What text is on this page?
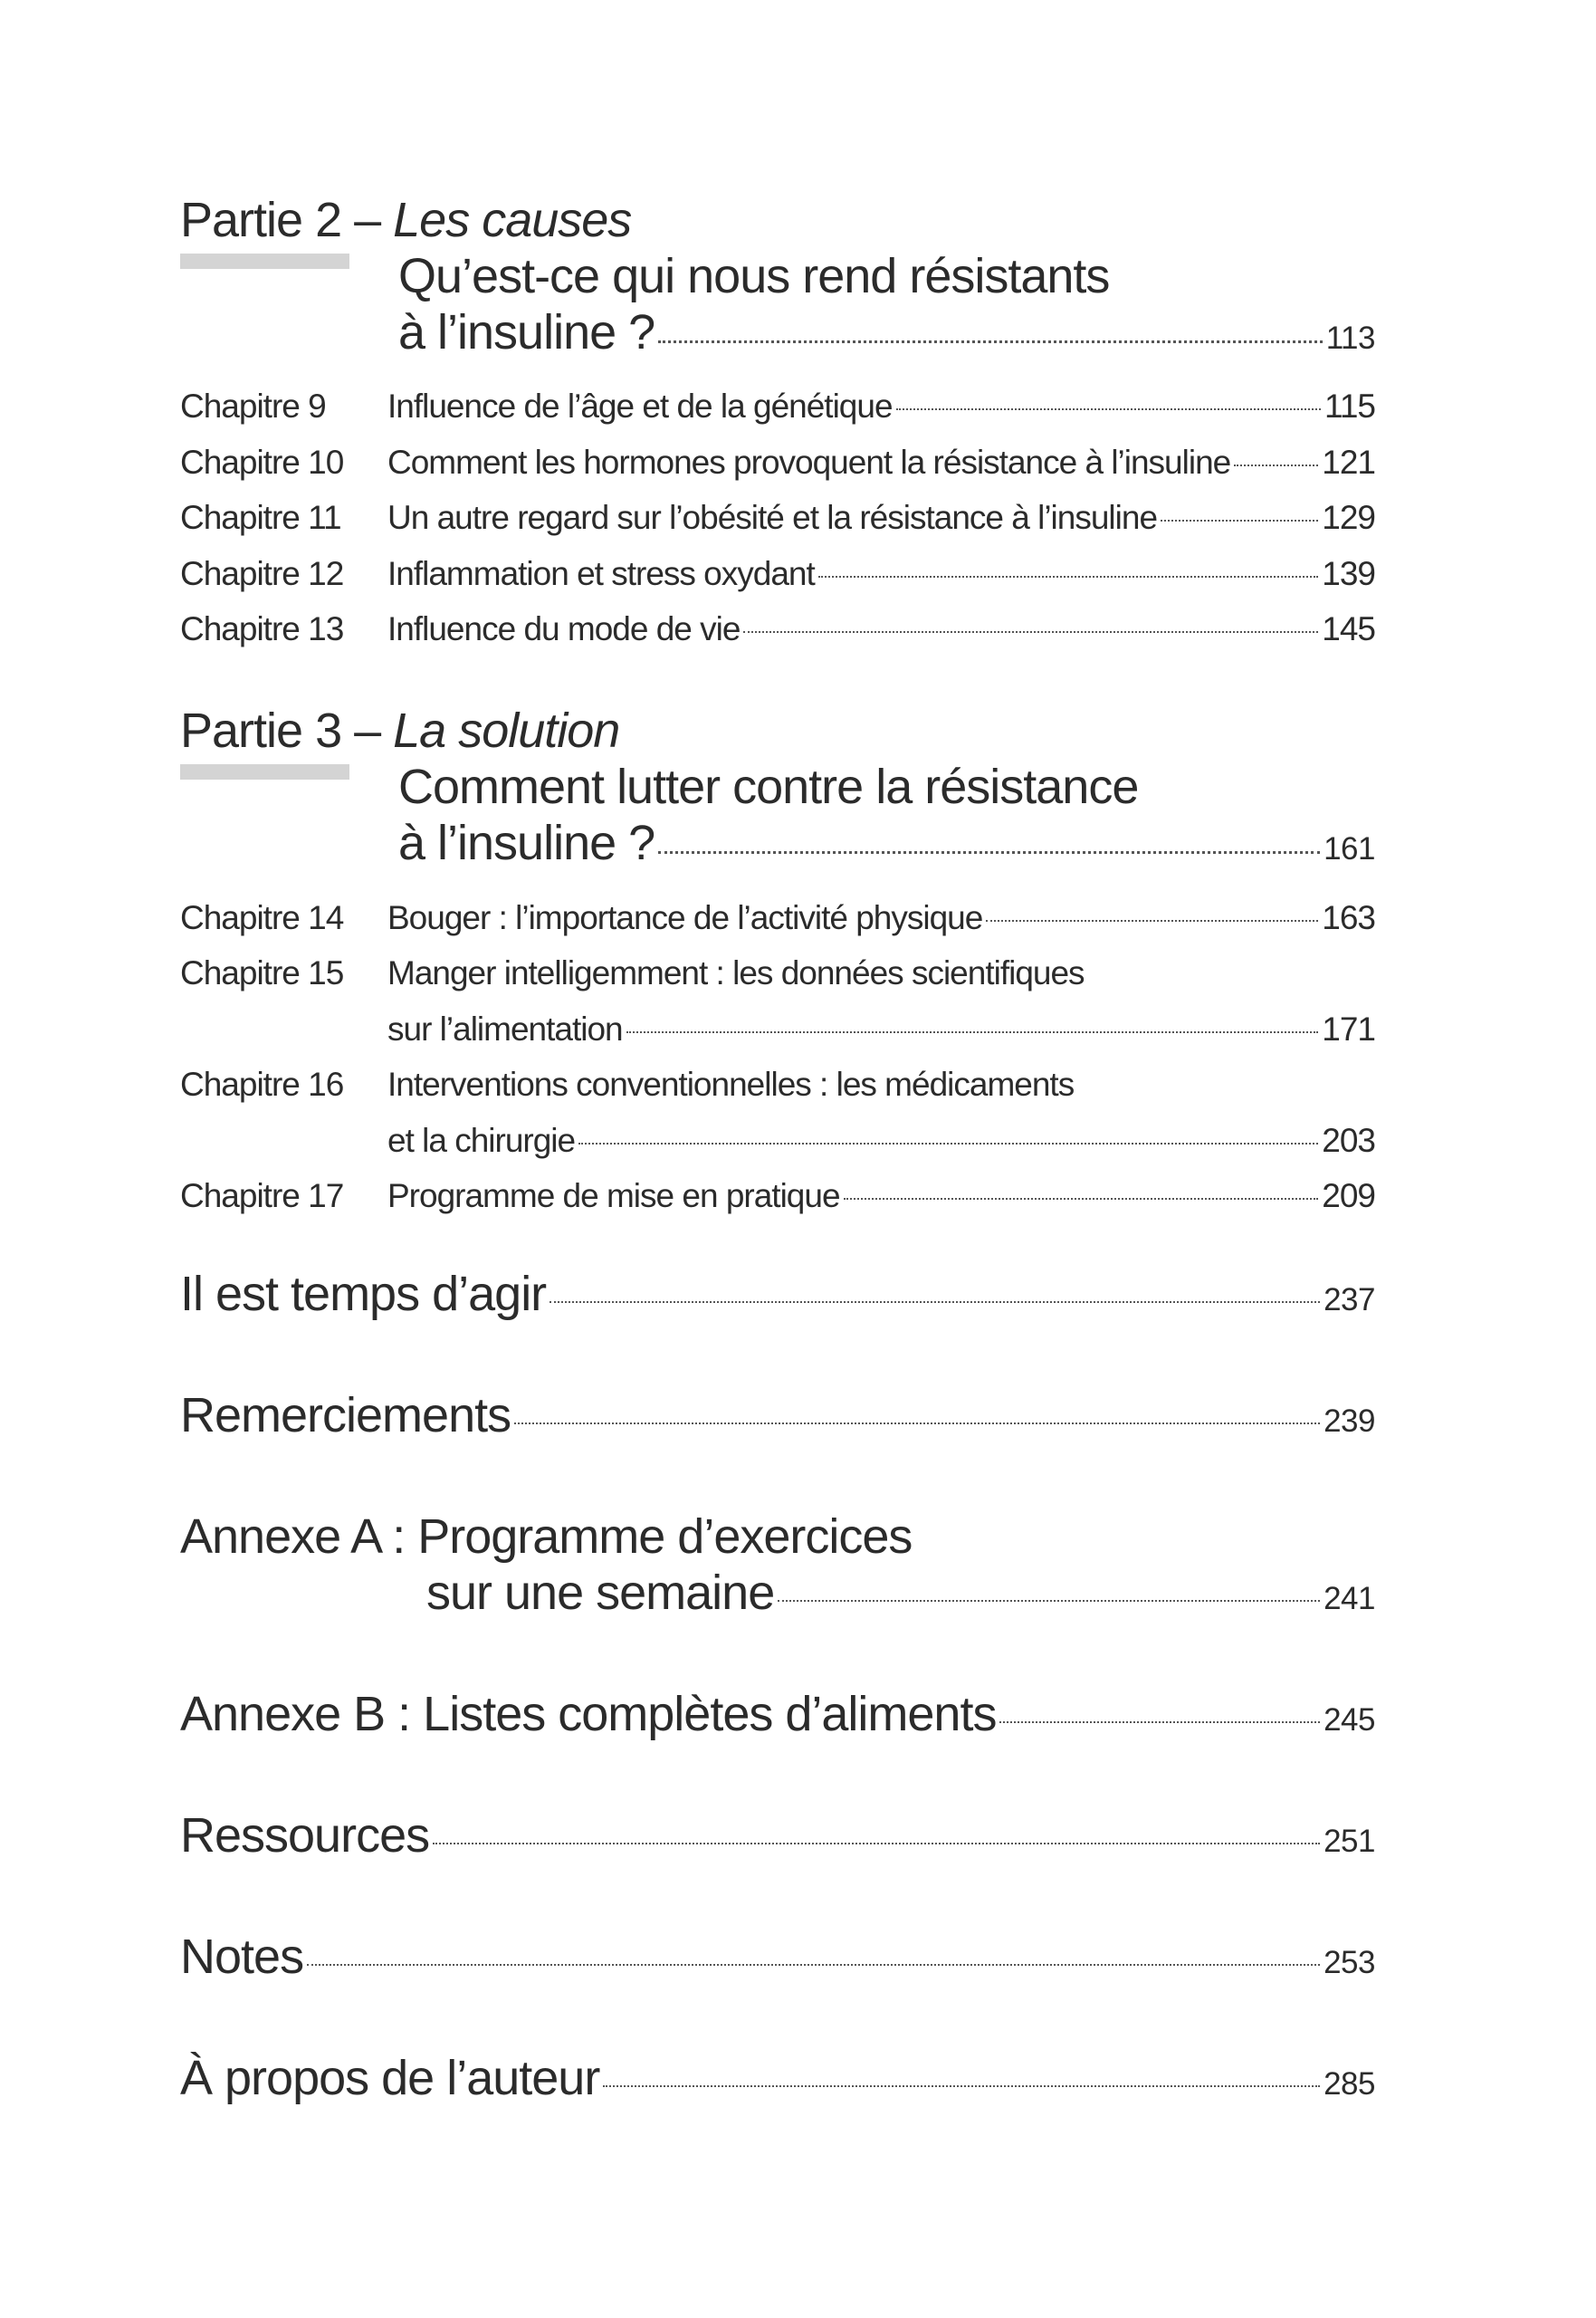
Partie 2 – Les causes
Qu’est-ce qui nous rend résistants
à l’insuline ?	113
Chapitre 9 Influence de l’âge et de la génétique	115
Chapitre 10 Comment les hormones provoquent la résistance à l’insuline	121
Chapitre 11 Un autre regard sur l’obésité et la résistance à l’insuline	129
Chapitre 12 Inflammation et stress oxydant	139
Chapitre 13 Influence du mode de vie	145
Partie 3 – La solution
Comment lutter contre la résistance
à l’insuline ?	161
Chapitre 14 Bouger : l’importance de l’activité physique	163
Chapitre 15 Manger intelligemment : les données scientifiques
sur l’alimentation	171
Chapitre 16 Interventions conventionnelles : les médicaments
et la chirurgie	203
Chapitre 17 Programme de mise en pratique	209
Il est temps d’agir	237
Remerciements	239
Annexe A : Programme d’exercices
sur une semaine	241
Annexe B : Listes complètes d’aliments	245
Ressources	251
Notes	253
À propos de l’auteur	285
